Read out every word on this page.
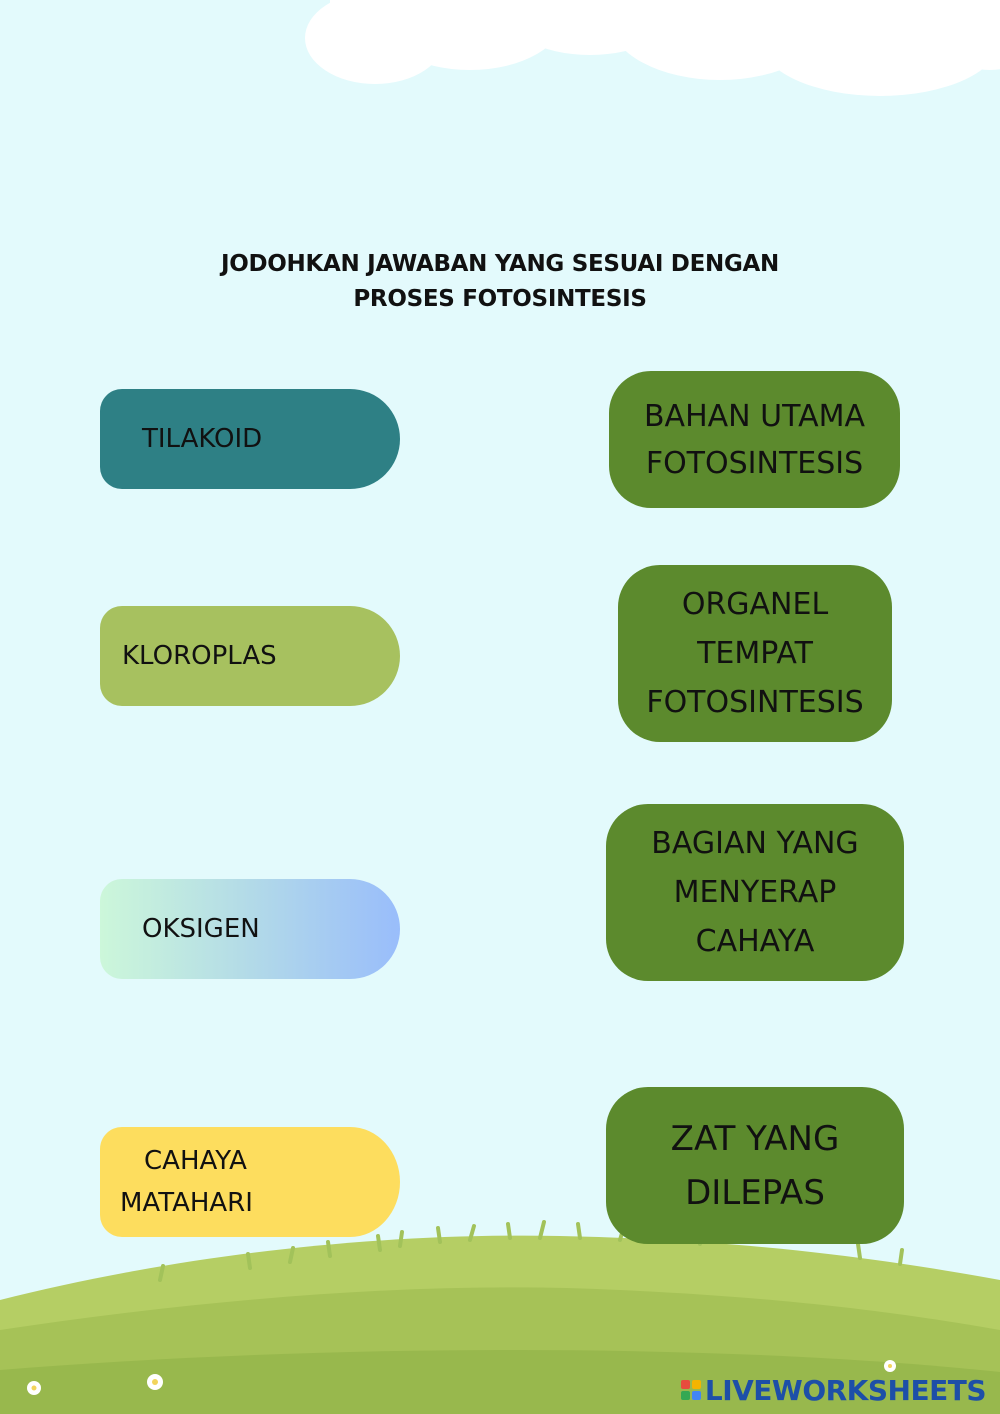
JODOHKAN JAWABAN YANG SESUAI DENGAN
PROSES FOTOSINTESIS
TILAKOID
KLOROPLAS
OKSIGEN
CAHAYA
MATAHARI
BAHAN UTAMA
FOTOSINTESIS
ORGANEL
TEMPAT
FOTOSINTESIS
BAGIAN YANG
MENYERAP
CAHAYA
ZAT YANG
DILEPAS
LIVEWORKSHEETS
